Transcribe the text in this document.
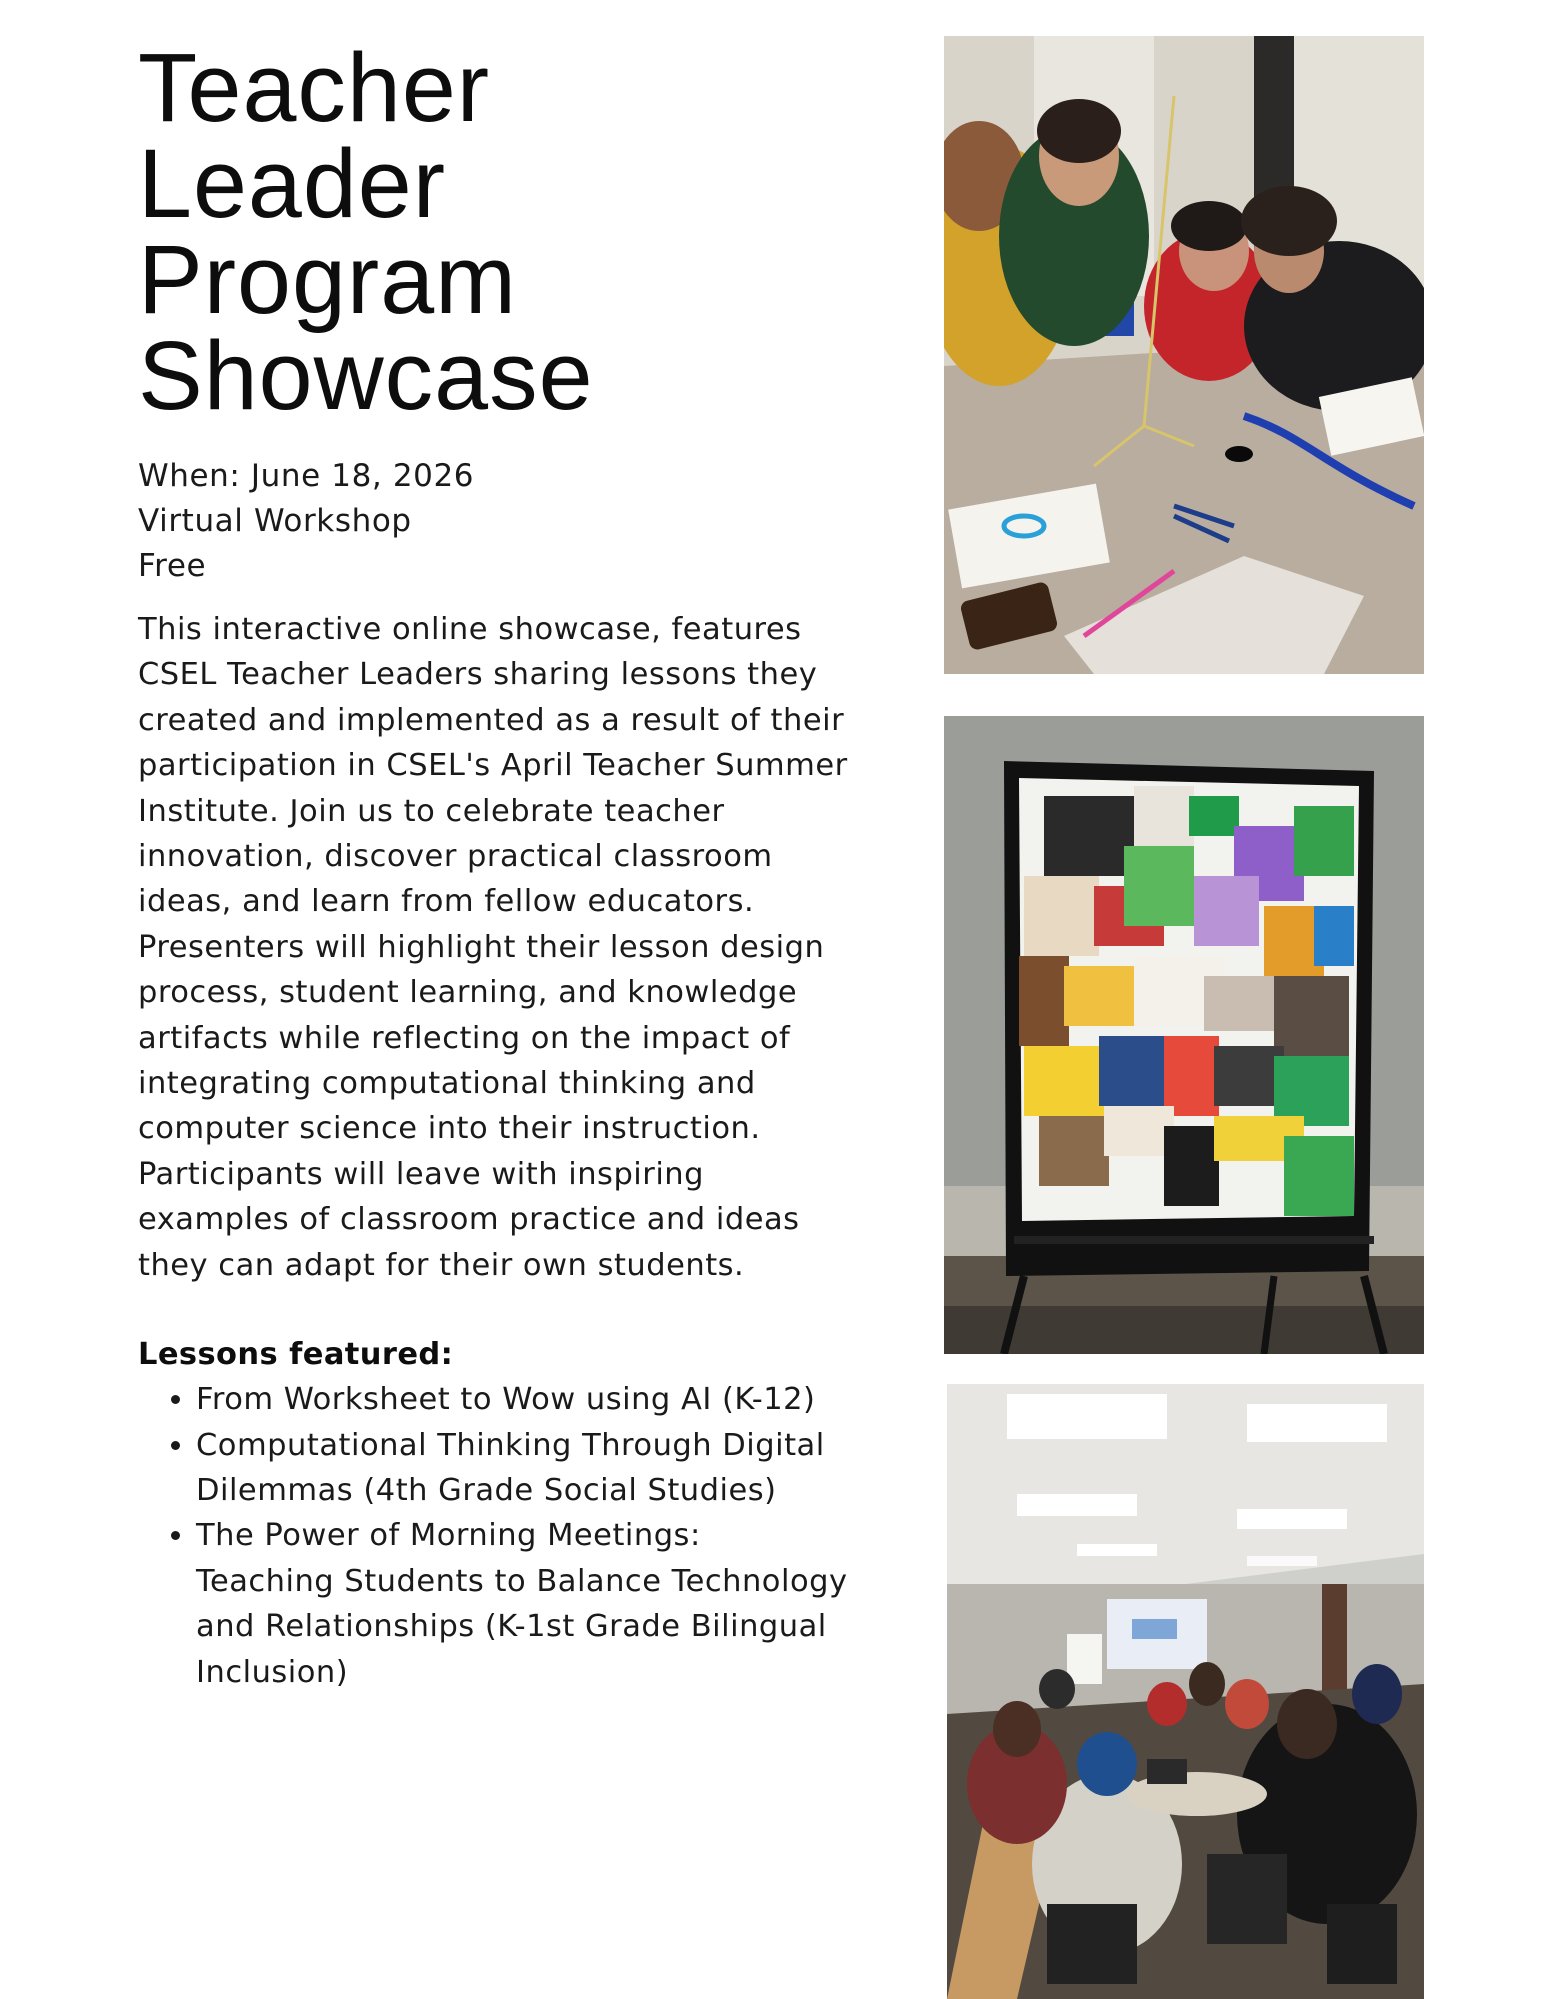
Teacher
Leader
Program
Showcase
When: June 18, 2026
Virtual Workshop
Free

This interactive online showcase, features CSEL Teacher Leaders sharing lessons they created and implemented as a result of their participation in CSEL's April Teacher Summer Institute. Join us to celebrate teacher innovation, discover practical classroom ideas, and learn from fellow educators. Presenters will highlight their lesson design process, student learning, and knowledge artifacts while reflecting on the impact of integrating computational thinking and computer science into their instruction. Participants will leave with inspiring examples of classroom practice and ideas they can adapt for their own students.

Lessons featured:
• From Worksheet to Wow using AI (K-12)
• Computational Thinking Through Digital Dilemmas (4th Grade Social Studies)
• The Power of Morning Meetings: Teaching Students to Balance Technology and Relationships (K-1st Grade Bilingual Inclusion)
